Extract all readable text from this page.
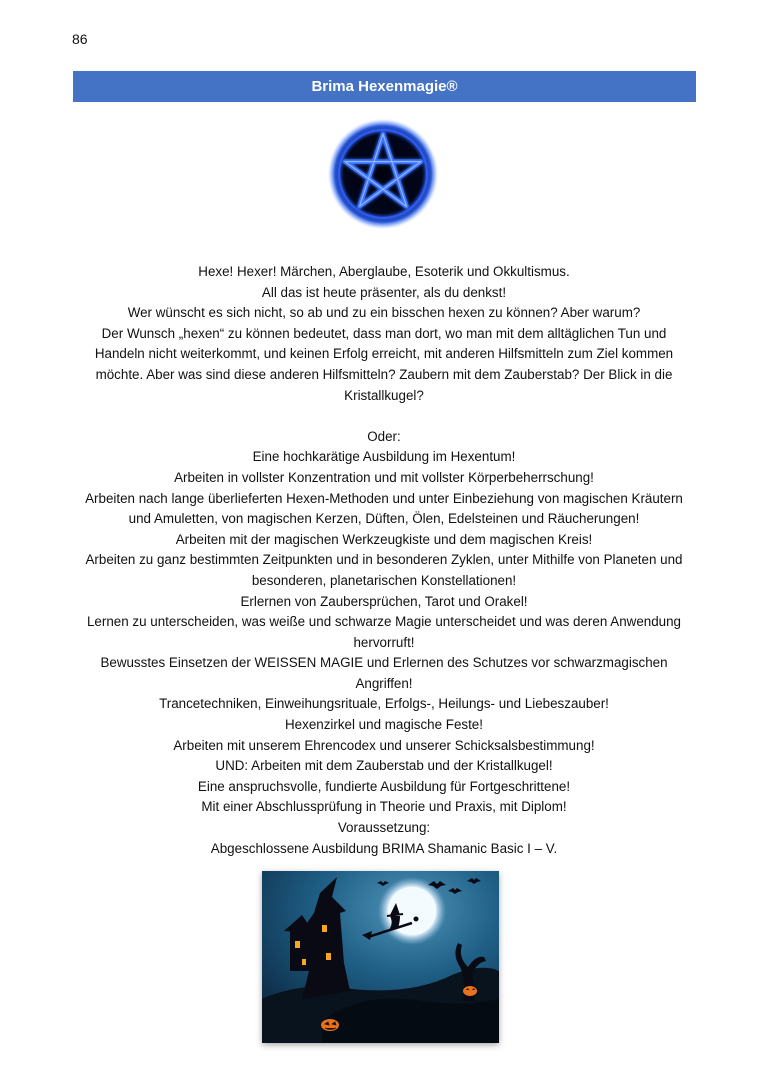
86
Brima Hexenmagie®

Hexe! Hexer! Märchen, Aberglaube, Esoterik und Okkultismus.

All das ist heute präsenter, als du denkst!

Wer wünscht es sich nicht, so ab und zu ein bisschen hexen zu können? Aber warum?

Der Wunsch „hexen“ zu können bedeutet, dass man dort, wo man mit dem alltäglichen Tun und Handeln nicht weiterkommt, und keinen Erfolg erreicht, mit anderen Hilfsmitteln zum Ziel kommen möchte. Aber was sind diese anderen Hilfsmitteln? Zaubern mit dem Zauberstab? Der Blick in die Kristallkugel?

Oder:

Eine hochkarätige Ausbildung im Hexentum!

Arbeiten in vollster Konzentration und mit vollster Körperbeherrschung!

Arbeiten nach lange überlieferten Hexen-Methoden und unter Einbeziehung von magischen Kräutern und Amuletten, von magischen Kerzen, Düften, Ölen, Edelsteinen und Räucherungen!

Arbeiten mit der magischen Werkzeugkiste und dem magischen Kreis!

Arbeiten zu ganz bestimmten Zeitpunkten und in besonderen Zyklen, unter Mithilfe von Planeten und besonderen, planetarischen Konstellationen!

Erlernen von Zaubersprüchen, Tarot und Orakel!

Lernen zu unterscheiden, was weiße und schwarze Magie unterscheidet und was deren Anwendung hervorruft!

Bewusstes Einsetzen der WEISSEN MAGIE und Erlernen des Schutzes vor schwarzmagischen Angriffen!

Trancetechniken, Einweihungsrituale, Erfolgs-, Heilungs- und Liebeszauber!

Hexenzirkel und magische Feste!

Arbeiten mit unserem Ehrencodex und unserer Schicksalsbestimmung!

UND: Arbeiten mit dem Zauberstab und der Kristallkugel!

Eine anspruchsvolle, fundierte Ausbildung für Fortgeschrittene!

Mit einer Abschlussprüfung in Theorie und Praxis, mit Diplom!

Voraussetzung:

Abgeschlossene Ausbildung BRIMA Shamanic Basic I – V.
